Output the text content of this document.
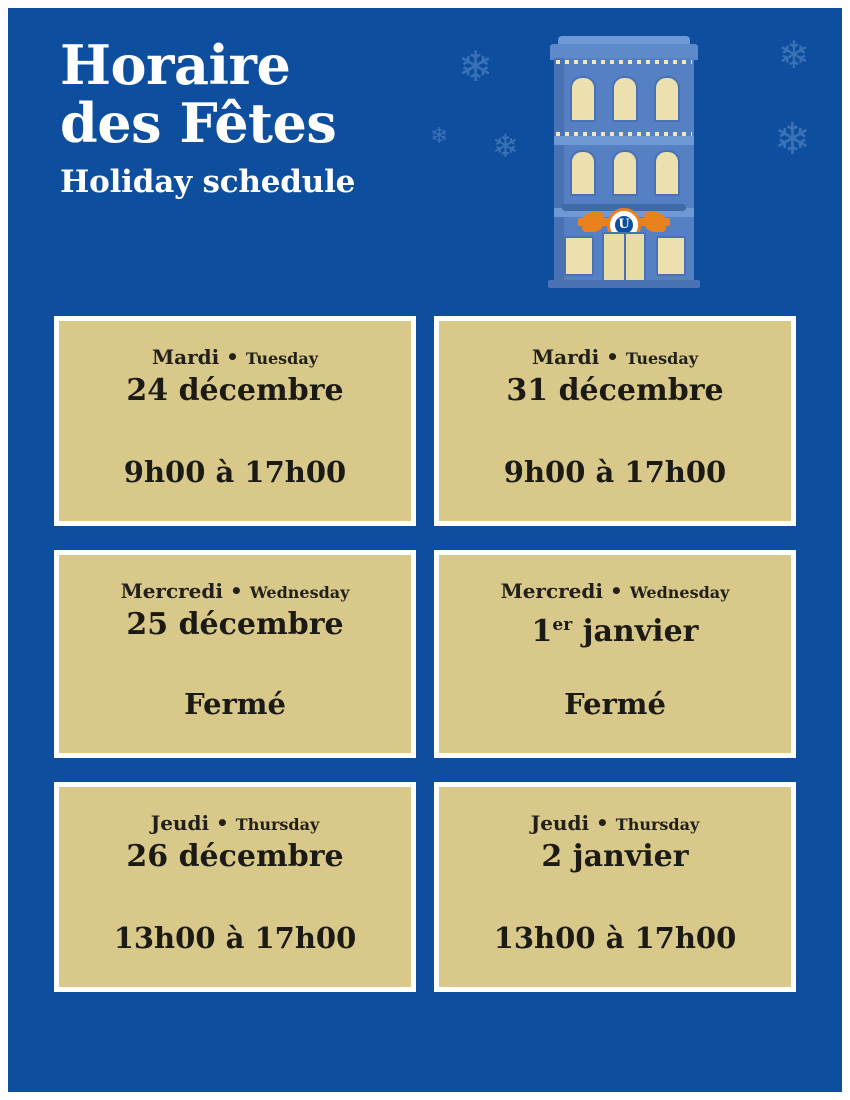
Horaire
des Fêtes
Holiday schedule
❄
❄ ❄
❄
❄
U
Mardi • Tuesday
24 décembre
9h00 à 17h00
Mardi • Tuesday
31 décembre
9h00 à 17h00
Mercredi • Wednesday
25 décembre
Fermé
Mercredi • Wednesday
1er janvier
Fermé
Jeudi • Thursday
26 décembre
13h00 à 17h00
Jeudi • Thursday
2 janvier
13h00 à 17h00
